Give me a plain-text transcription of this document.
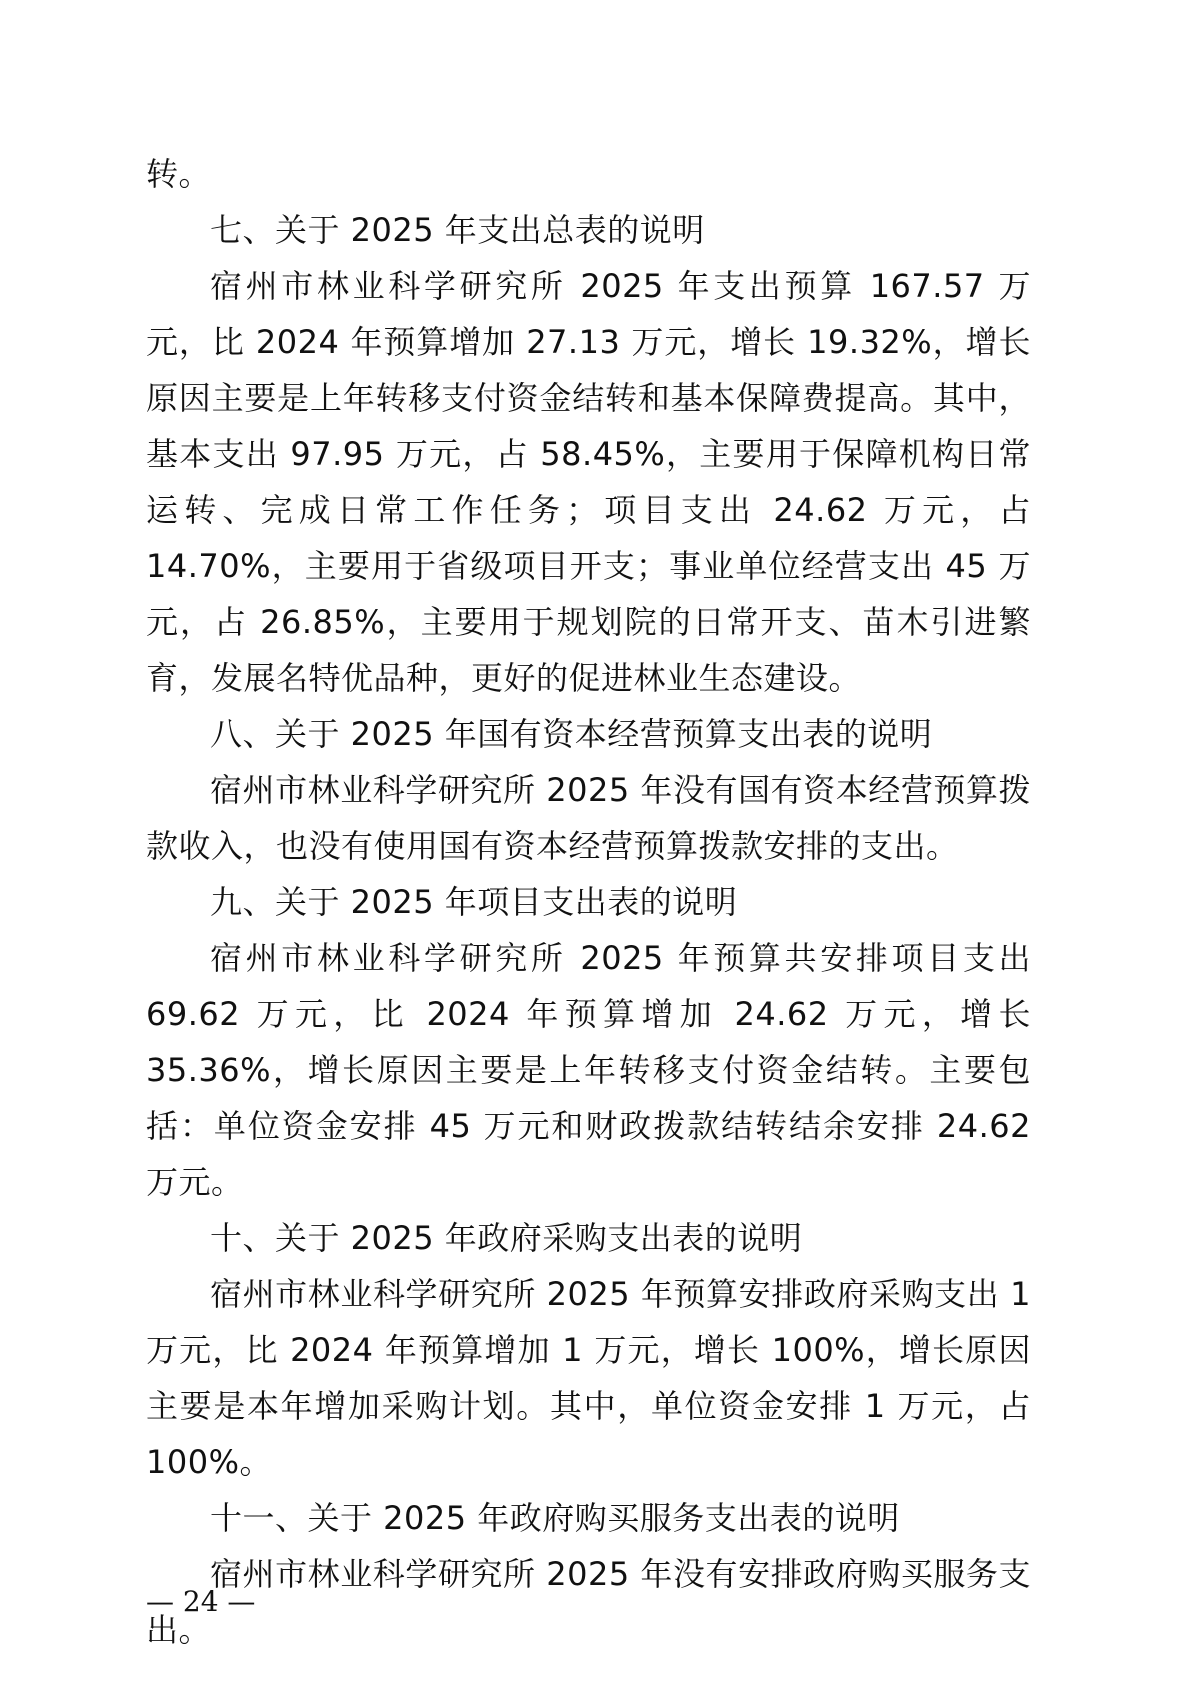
转。

七、关于 2025 年支出总表的说明

宿州市林业科学研究所 2025 年支出预算 167.57 万元，比 2024 年预算增加 27.13 万元，增长 19.32%，增长原因主要是上年转移支付资金结转和基本保障费提高。其中，基本支出 97.95 万元，占 58.45%，主要用于保障机构日常运转、完成日常工作任务；项目支出 24.62 万元，占 14.70%，主要用于省级项目开支；事业单位经营支出 45 万元，占 26.85%，主要用于规划院的日常开支、苗木引进繁育，发展名特优品种，更好的促进林业生态建设。

八、关于 2025 年国有资本经营预算支出表的说明

宿州市林业科学研究所 2025 年没有国有资本经营预算拨款收入，也没有使用国有资本经营预算拨款安排的支出。

九、关于 2025 年项目支出表的说明

宿州市林业科学研究所 2025 年预算共安排项目支出 69.62 万元，比 2024 年预算增加 24.62 万元，增长 35.36%，增长原因主要是上年转移支付资金结转。主要包括：单位资金安排 45 万元和财政拨款结转结余安排 24.62 万元。

十、关于 2025 年政府采购支出表的说明

宿州市林业科学研究所 2025 年预算安排政府采购支出 1 万元，比 2024 年预算增加 1 万元，增长 100%，增长原因主要是本年增加采购计划。其中，单位资金安排 1 万元，占 100%。

十一、关于 2025 年政府购买服务支出表的说明

宿州市林业科学研究所 2025 年没有安排政府购买服务支出。

— 24 —
